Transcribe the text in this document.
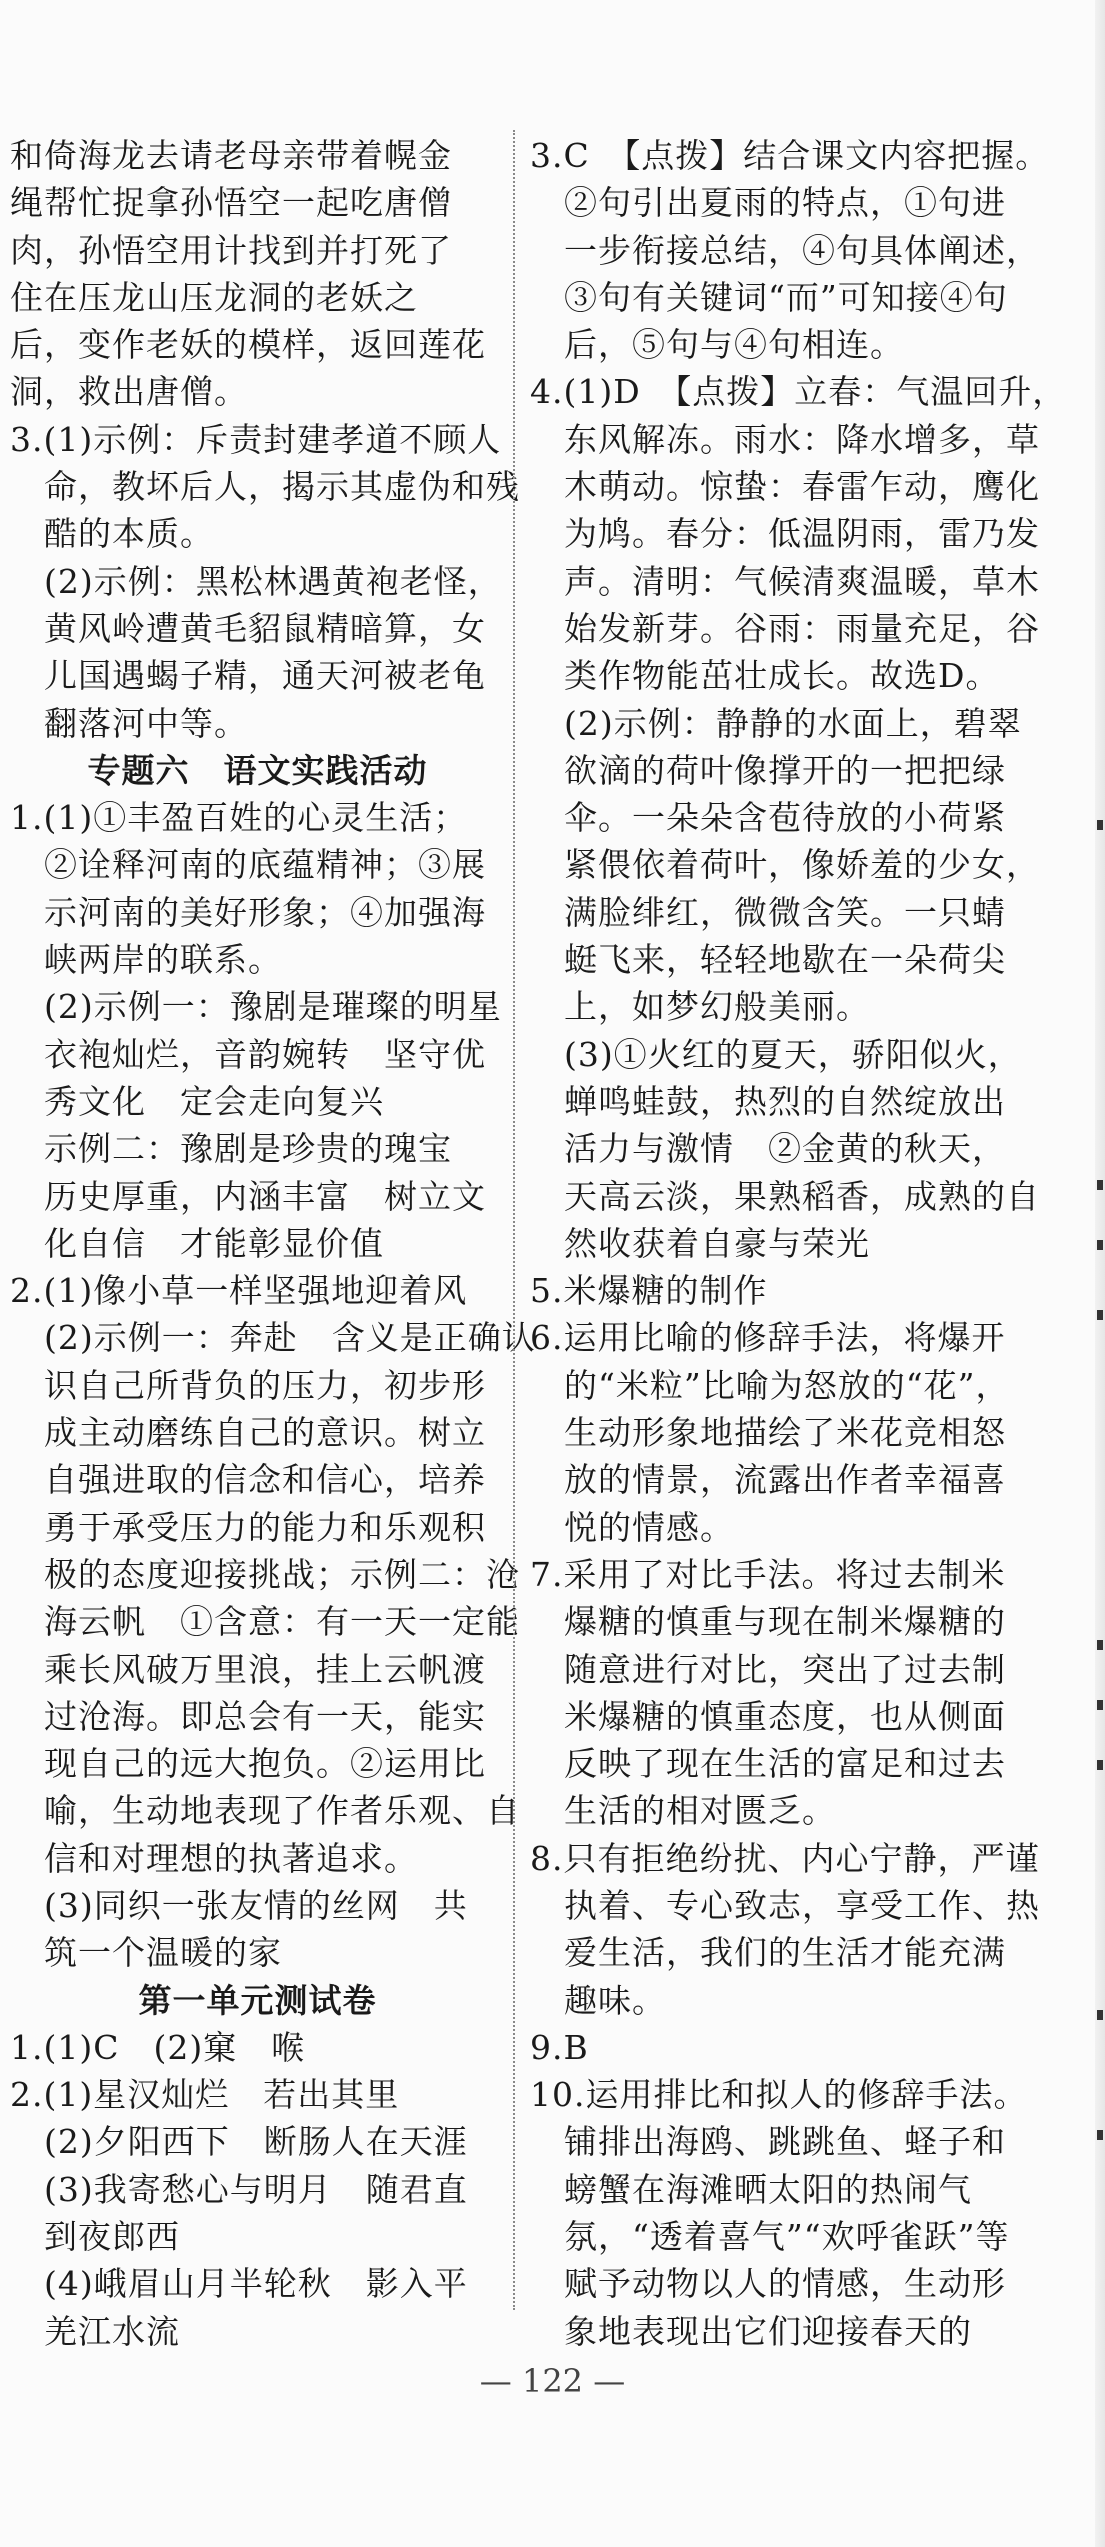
和倚海龙去请老母亲带着幌金
绳帮忙捉拿孙悟空一起吃唐僧
肉，孙悟空用计找到并打死了
住在压龙山压龙洞的老妖之
后，变作老妖的模样，返回莲花
洞，救出唐僧。
3.(1)示例：斥责封建孝道不顾人
　命，教坏后人，揭示其虚伪和残
　酷的本质。
　(2)示例：黑松林遇黄袍老怪，
　黄风岭遭黄毛貂鼠精暗算，女
　儿国遇蝎子精，通天河被老龟
　翻落河中等。
专题六　语文实践活动
1.(1)①丰盈百姓的心灵生活；
　②诠释河南的底蕴精神；③展
　示河南的美好形象；④加强海
　峡两岸的联系。
　(2)示例一：豫剧是璀璨的明星
　衣袍灿烂，音韵婉转　坚守优
　秀文化　定会走向复兴
　示例二：豫剧是珍贵的瑰宝
　历史厚重，内涵丰富　树立文
　化自信　才能彰显价值
2.(1)像小草一样坚强地迎着风
　(2)示例一：奔赴　含义是正确认
　识自己所背负的压力，初步形
　成主动磨练自己的意识。树立
　自强进取的信念和信心，培养
　勇于承受压力的能力和乐观积
　极的态度迎接挑战；示例二：沧
　海云帆　①含意：有一天一定能
　乘长风破万里浪，挂上云帆渡
　过沧海。即总会有一天，能实
　现自己的远大抱负。②运用比
　喻，生动地表现了作者乐观、自
　信和对理想的执著追求。
　(3)同织一张友情的丝网　共
　筑一个温暖的家
第一单元测试卷
1.(1)C　(2)窠　喉
2.(1)星汉灿烂　若出其里
　(2)夕阳西下　断肠人在天涯
　(3)我寄愁心与明月　随君直
　到夜郎西
　(4)峨眉山月半轮秋　影入平
　羌江水流
3.C　【点拨】结合课文内容把握。
　②句引出夏雨的特点，①句进
　一步衔接总结，④句具体阐述，
　③句有关键词“而”可知接④句
　后，⑤句与④句相连。
4.(1)D　【点拨】立春：气温回升，
　东风解冻。雨水：降水增多，草
　木萌动。惊蛰：春雷乍动，鹰化
　为鸠。春分：低温阴雨，雷乃发
　声。清明：气候清爽温暖，草木
　始发新芽。谷雨：雨量充足，谷
　类作物能茁壮成长。故选D。
　(2)示例：静静的水面上，碧翠
　欲滴的荷叶像撑开的一把把绿
　伞。一朵朵含苞待放的小荷紧
　紧偎依着荷叶，像娇羞的少女，
　满脸绯红，微微含笑。一只蜻
　蜓飞来，轻轻地歇在一朵荷尖
　上，如梦幻般美丽。
　(3)①火红的夏天，骄阳似火，
　蝉鸣蛙鼓，热烈的自然绽放出
　活力与激情　②金黄的秋天，
　天高云淡，果熟稻香，成熟的自
　然收获着自豪与荣光
5.米爆糖的制作
6.运用比喻的修辞手法，将爆开
　的“米粒”比喻为怒放的“花”，
　生动形象地描绘了米花竞相怒
　放的情景，流露出作者幸福喜
　悦的情感。
7.采用了对比手法。将过去制米
　爆糖的慎重与现在制米爆糖的
　随意进行对比，突出了过去制
　米爆糖的慎重态度，也从侧面
　反映了现在生活的富足和过去
　生活的相对匮乏。
8.只有拒绝纷扰、内心宁静，严谨
　执着、专心致志，享受工作、热
　爱生活，我们的生活才能充满
　趣味。
9.B
10.运用排比和拟人的修辞手法。
　铺排出海鸥、跳跳鱼、蛏子和
　螃蟹在海滩晒太阳的热闹气
　氛，“透着喜气”“欢呼雀跃”等
　赋予动物以人的情感，生动形
　象地表现出它们迎接春天的
— 122 —
